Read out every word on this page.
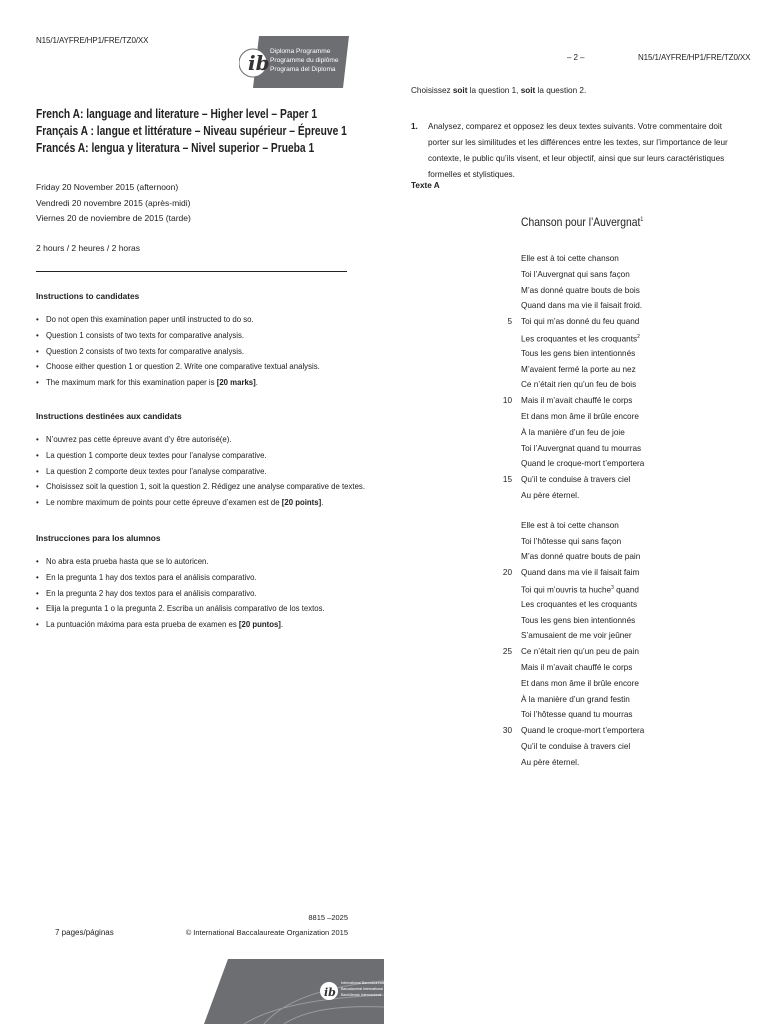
N15/1/AYFRE/HP1/FRE/TZ0/XX
ib Diploma Programme
Programme du diplôme
Programa del Diploma
French A: language and literature – Higher level – Paper 1
Français A : langue et littérature – Niveau supérieur – Épreuve 1
Francés A: lengua y literatura – Nivel superior – Prueba 1
Friday 20 November 2015 (afternoon)
Vendredi 20 novembre 2015 (après-midi)
Viernes 20 de noviembre de 2015 (tarde)
2 hours / 2 heures / 2 horas
Instructions to candidates
• Do not open this examination paper until instructed to do so.
• Question 1 consists of two texts for comparative analysis.
• Question 2 consists of two texts for comparative analysis.
• Choose either question 1 or question 2. Write one comparative textual analysis.
• The maximum mark for this examination paper is [20 marks].
Instructions destinées aux candidats
• N’ouvrez pas cette épreuve avant d’y être autorisé(e).
• La question 1 comporte deux textes pour l’analyse comparative.
• La question 2 comporte deux textes pour l’analyse comparative.
• Choisissez soit la question 1, soit la question 2. Rédigez une analyse comparative de textes.
• Le nombre maximum de points pour cette épreuve d’examen est de [20 points].
Instrucciones para los alumnos
• No abra esta prueba hasta que se lo autoricen.
• En la pregunta 1 hay dos textos para el análisis comparativo.
• En la pregunta 2 hay dos textos para el análisis comparativo.
• Elija la pregunta 1 o la pregunta 2. Escriba un análisis comparativo de los textos.
• La puntuación máxima para esta prueba de examen es [20 puntos].
7 pages/páginas
8815 –2025
© International Baccalaureate Organization 2015
ib
International Baccalaureate
Baccalauréat International
Bachillerato Internacional
– 2 –	N15/1/AYFRE/HP1/FRE/TZ0/XX
Choisissez soit la question 1, soit la question 2.
1. Analysez, comparez et opposez les deux textes suivants. Votre commentaire doit porter sur les similitudes et les différences entre les textes, sur l’importance de leur contexte, le public qu’ils visent, et leur objectif, ainsi que sur leurs caractéristiques formelles et stylistiques.
Texte A
Chanson pour l’Auvergnat$^1$
Elle est à toi cette chanson
Toi l’Auvergnat qui sans façon
M’as donné quatre bouts de bois
Quand dans ma vie il faisait froid.
5 Toi qui m’as donné du feu quand
Les croquantes et les croquants$^2$
Tous les gens bien intentionnés
M’avaient fermé la porte au nez
Ce n’était rien qu’un feu de bois
10 Mais il m’avait chauffé le corps
Et dans mon âme il brûle encore
À la manière d’un feu de joie
Toi l’Auvergnat quand tu mourras
Quand le croque-mort t’emportera
15 Qu’il te conduise à travers ciel
Au père éternel.
Elle est à toi cette chanson
Toi l’hôtesse qui sans façon
M’as donné quatre bouts de pain
20 Quand dans ma vie il faisait faim
Toi qui m’ouvris ta huche$^3$ quand
Les croquantes et les croquants
Tous les gens bien intentionnés
S’amusaient de me voir jeûner
25 Ce n’était rien qu’un peu de pain
Mais il m’avait chauffé le corps
Et dans mon âme il brûle encore
À la manière d’un grand festin
Toi l’hôtesse quand tu mourras
30 Quand le croque-mort t’emportera
Qu’il te conduise à travers ciel
Au père éternel.
